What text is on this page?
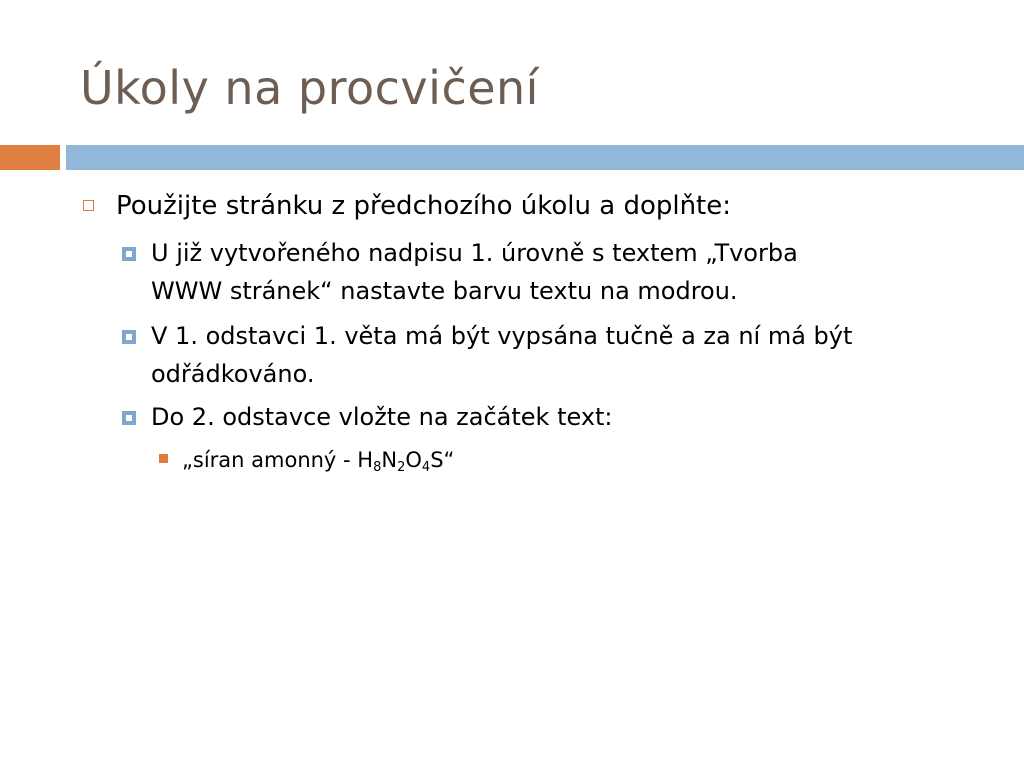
Úkoly na procvičení
Použijte stránku z předchozího úkolu a doplňte:
U již vytvořeného nadpisu 1. úrovně s textem „Tvorba
WWW stránek“ nastavte barvu textu na modrou.
V 1. odstavci 1. věta má být vypsána tučně a za ní má být
odřádkováno.
Do 2. odstavce vložte na začátek text:
„síran amonný - $H_8N_2O_4S“$
